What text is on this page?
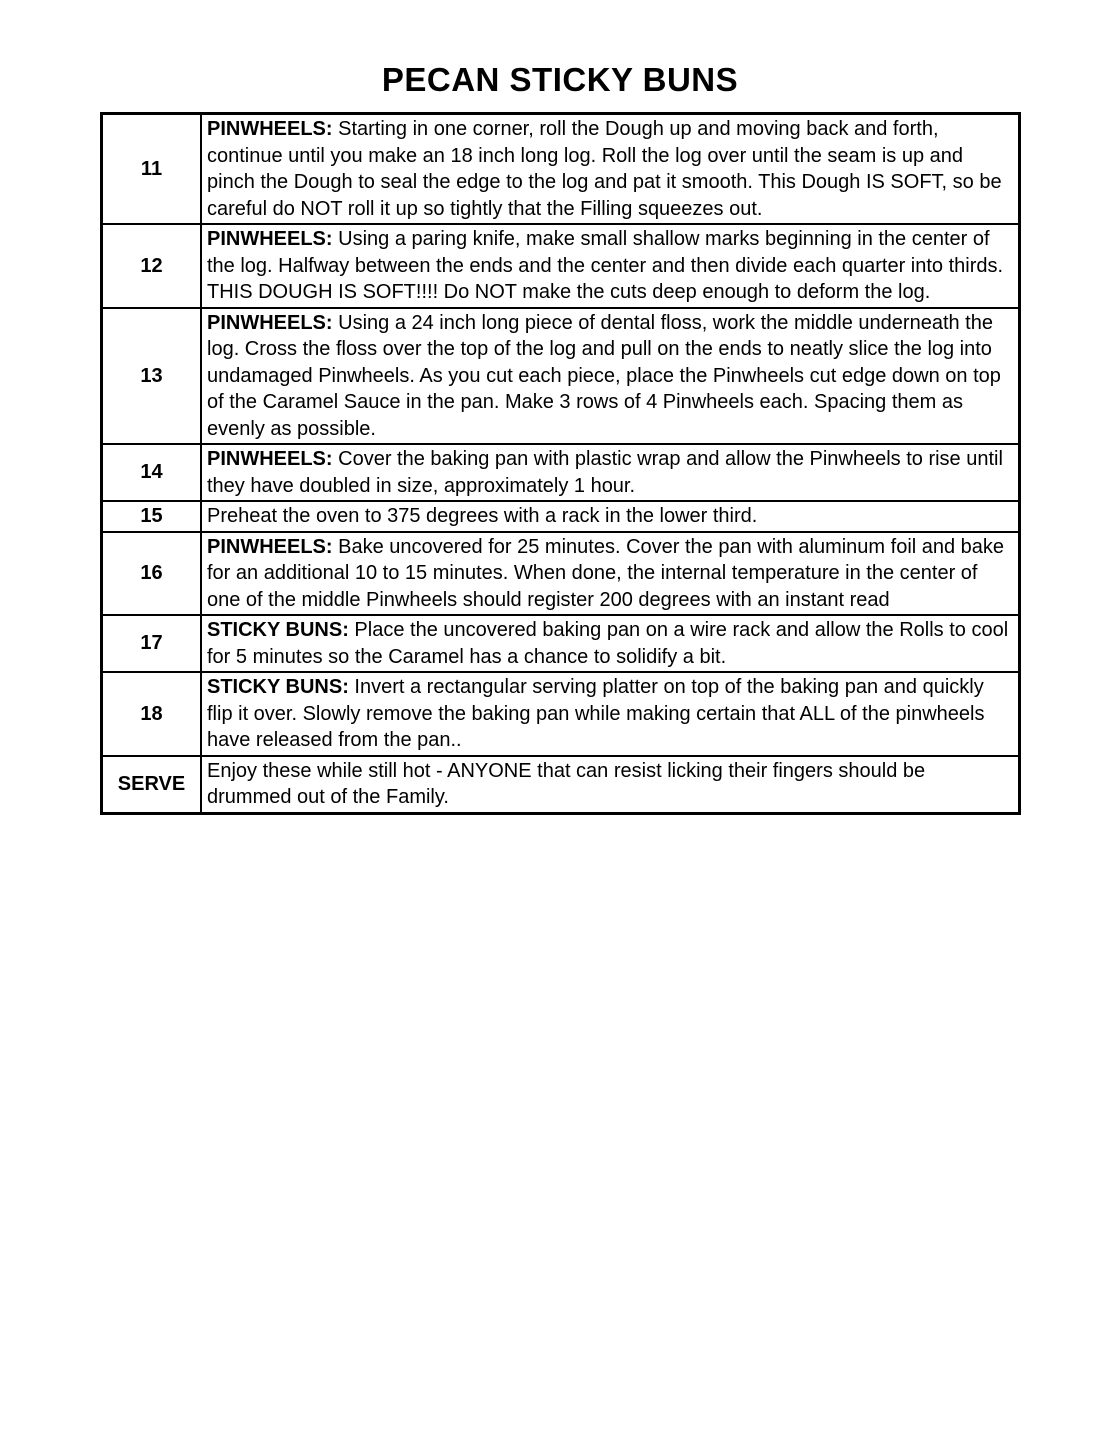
PECAN STICKY BUNS
11	PINWHEELS: Starting in one corner, roll the Dough up and moving back and forth, continue until you make an 18 inch long log. Roll the log over until the seam is up and pinch the Dough to seal the edge to the log and pat it smooth. This Dough IS SOFT, so be careful do NOT roll it up so tightly that the Filling squeezes out.
12	PINWHEELS: Using a paring knife, make small shallow marks beginning in the center of the log. Halfway between the ends and the center and then divide each quarter into thirds. THIS DOUGH IS SOFT!!!! Do NOT make the cuts deep enough to deform the log.
13	PINWHEELS: Using a 24 inch long piece of dental floss, work the middle underneath the log. Cross the floss over the top of the log and pull on the ends to neatly slice the log into undamaged Pinwheels. As you cut each piece, place the Pinwheels cut edge down on top of the Caramel Sauce in the pan. Make 3 rows of 4 Pinwheels each. Spacing them as evenly as possible.
14	PINWHEELS: Cover the baking pan with plastic wrap and allow the Pinwheels to rise until they have doubled in size, approximately 1 hour.
15	Preheat the oven to 375 degrees with a rack in the lower third.
16	PINWHEELS: Bake uncovered for 25 minutes. Cover the pan with aluminum foil and bake for an additional 10 to 15 minutes. When done, the internal temperature in the center of one of the middle Pinwheels should register 200 degrees with an instant read
17	STICKY BUNS: Place the uncovered baking pan on a wire rack and allow the Rolls to cool for 5 minutes so the Caramel has a chance to solidify a bit.
18	STICKY BUNS: Invert a rectangular serving platter on top of the baking pan and quickly flip it over. Slowly remove the baking pan while making certain that ALL of the pinwheels have released from the pan..
SERVE	Enjoy these while still hot - ANYONE that can resist licking their fingers should be drummed out of the Family.
